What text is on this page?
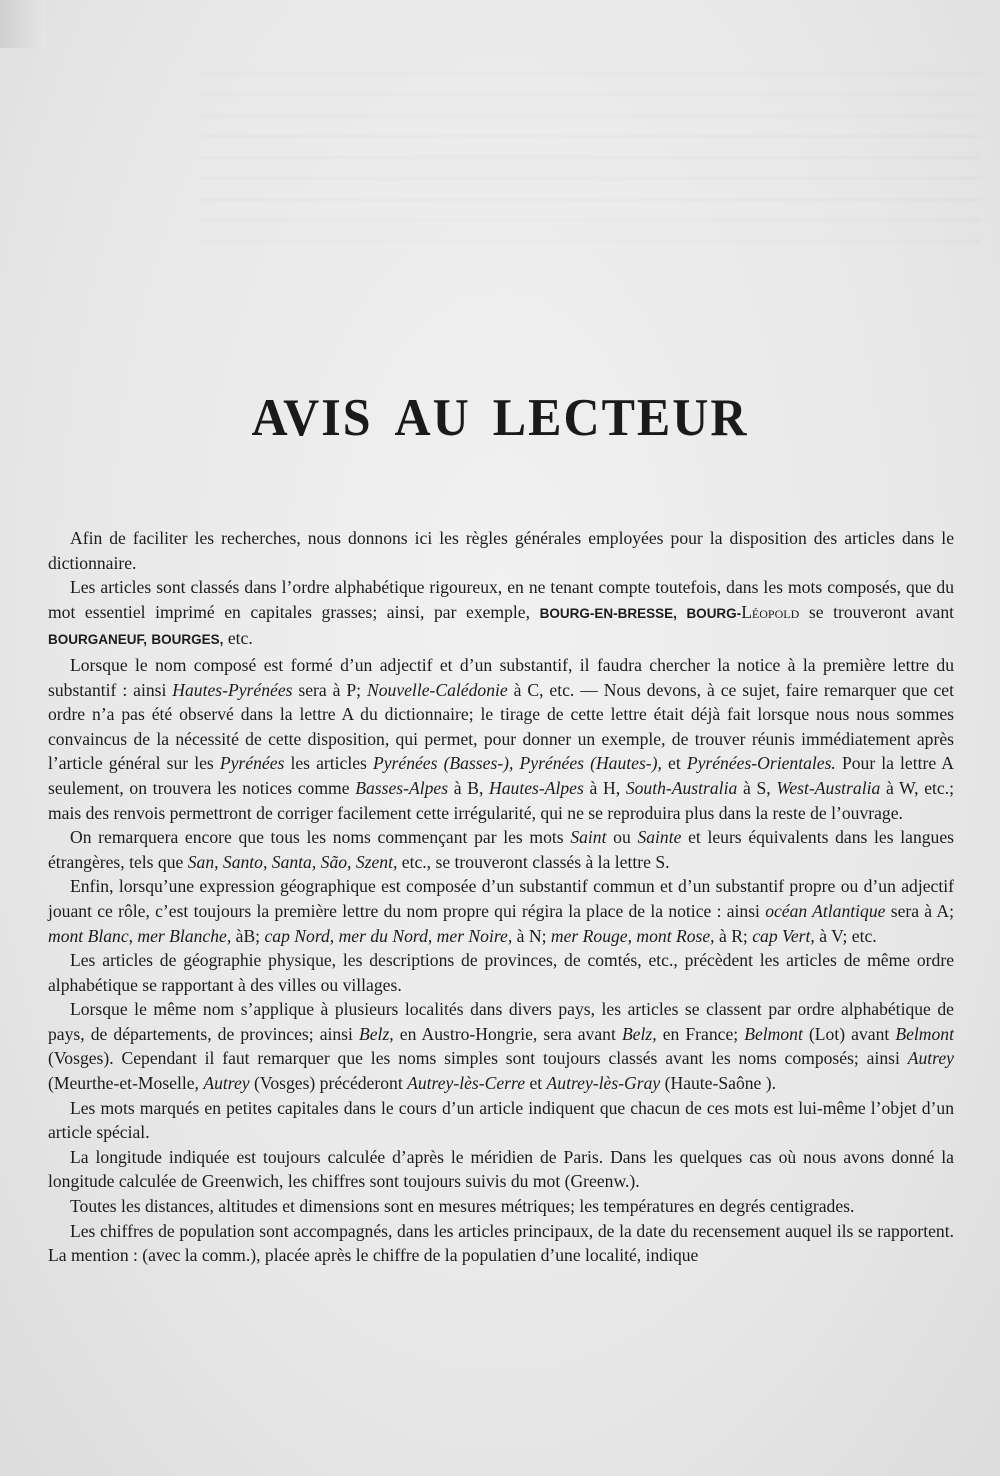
AVIS AU LECTEUR

Afin de faciliter les recherches, nous donnons ici les règles générales employées pour la disposition des articles dans le dictionnaire.

Les articles sont classés dans l’ordre alphabétique rigoureux, en ne tenant compte toutefois, dans les mots composés, que du mot essentiel imprimé en capitales grasses; ainsi, par exemple, BOURG-EN-BRESSE, BOURG-Léopold se trouveront avant BOURGANEUF, BOURGES, etc.

Lorsque le nom composé est formé d’un adjectif et d’un substantif, il faudra chercher la notice à la première lettre du substantif : ainsi Hautes-Pyrénées sera à P; Nouvelle-Calédonie à C, etc. — Nous devons, à ce sujet, faire remarquer que cet ordre n’a pas été observé dans la lettre A du dictionnaire; le tirage de cette lettre était déjà fait lorsque nous nous sommes convaincus de la nécessité de cette disposition, qui permet, pour donner un exemple, de trouver réunis immédiatement après l’article général sur les Pyrénées les articles Pyrénées (Basses-), Pyrénées (Hautes-), et Pyrénées-Orientales. Pour la lettre A seulement, on trouvera les notices comme Basses-Alpes à B, Hautes-Alpes à H, South-Australia à S, West-Australia à W, etc.; mais des renvois permettront de corriger facilement cette irrégularité, qui ne se reproduira plus dans la reste de l’ouvrage.

On remarquera encore que tous les noms commençant par les mots Saint ou Sainte et leurs équivalents dans les langues étrangères, tels que San, Santo, Santa, São, Szent, etc., se trouveront classés à la lettre S.

Enfin, lorsqu’une expression géographique est composée d’un substantif commun et d’un substantif propre ou d’un adjectif jouant ce rôle, c’est toujours la première lettre du nom propre qui régira la place de la notice : ainsi océan Atlantique sera à A; mont Blanc, mer Blanche, àB; cap Nord, mer du Nord, mer Noire, à N; mer Rouge, mont Rose, à R; cap Vert, à V; etc.

Les articles de géographie physique, les descriptions de provinces, de comtés, etc., précèdent les articles de même ordre alphabétique se rapportant à des villes ou villages.

Lorsque le même nom s’applique à plusieurs localités dans divers pays, les articles se classent par ordre alphabétique de pays, de départements, de provinces; ainsi Belz, en Austro-Hongrie, sera avant Belz, en France; Belmont (Lot) avant Belmont (Vosges). Cependant il faut remarquer que les noms simples sont toujours classés avant les noms composés; ainsi Autrey (Meurthe-et-Moselle, Autrey (Vosges) précéderont Autrey-lès-Cerre et Autrey-lès-Gray (Haute-Saône ).

Les mots marqués en petites capitales dans le cours d’un article indiquent que chacun de ces mots est lui-même l’objet d’un article spécial.

La longitude indiquée est toujours calculée d’après le méridien de Paris. Dans les quelques cas où nous avons donné la longitude calculée de Greenwich, les chiffres sont toujours suivis du mot (Greenw.).

Toutes les distances, altitudes et dimensions sont en mesures métriques; les températures en degrés centigrades.

Les chiffres de population sont accompagnés, dans les articles principaux, de la date du recensement auquel ils se rapportent. La mention : (avec la comm.), placée après le chiffre de la populatien d’une localité, indique
